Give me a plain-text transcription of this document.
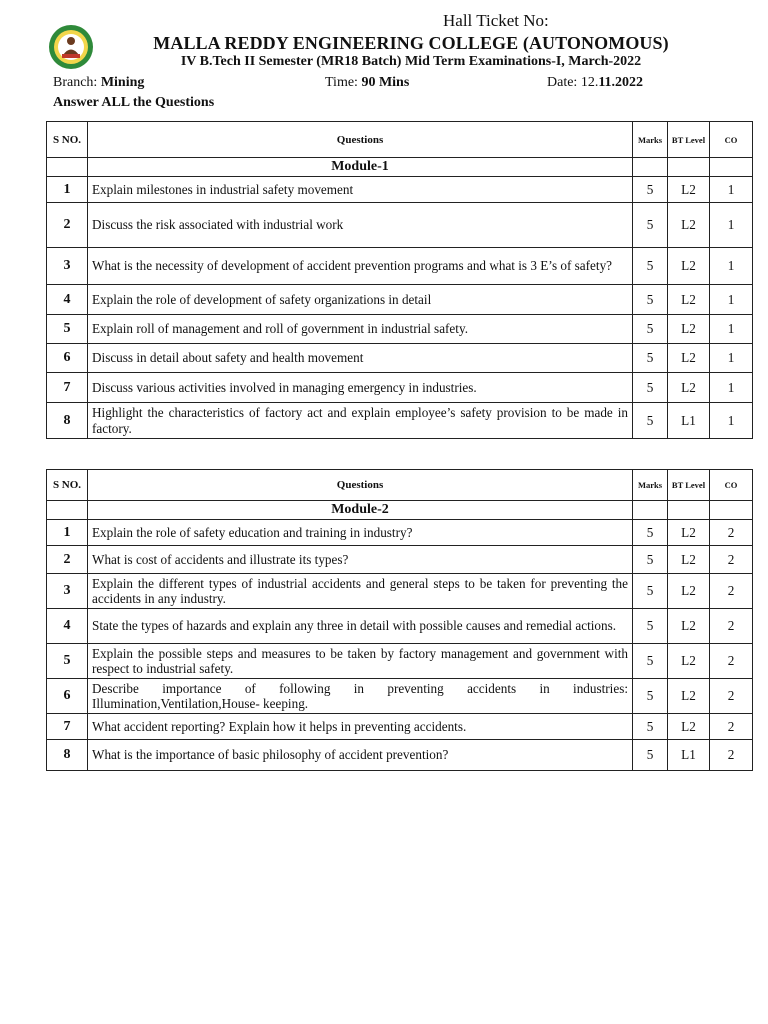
Hall Ticket No:
MALLA REDDY ENGINEERING COLLEGE (AUTONOMOUS)
IV B.Tech II Semester (MR18 Batch) Mid Term Examinations-I, March-2022
Branch: Mining	Time: 90 Mins	Date: 12.11.2022
Answer ALL the Questions
S NO.	Questions	Marks	BT Level	CO
	Module-1			
1	Explain milestones in industrial safety movement	5	L2	1
2	Discuss the risk associated with industrial work	5	L2	1
3	What is the necessity of development of accident prevention programs and what is 3 E’s of safety?	5	L2	1
4	Explain the role of development of safety organizations in detail	5	L2	1
5	Explain roll of management and roll of government in industrial safety.	5	L2	1
6	Discuss in detail about safety and health movement	5	L2	1
7	Discuss various activities involved in managing emergency in industries.	5	L2	1
8	Highlight the characteristics of factory act and explain employee’s safety provision to be made in factory.	5	L1	1
S NO.	Questions	Marks	BT Level	CO
	Module-2			
1	Explain the role of safety education and training in industry?	5	L2	2
2	What is cost of accidents and illustrate its types?	5	L2	2
3	Explain the different types of industrial accidents and general steps to be taken for preventing the accidents in any industry.	5	L2	2
4	State the types of hazards and explain any three in detail with possible causes and remedial actions.	5	L2	2
5	Explain the possible steps and measures to be taken by factory management and government with respect to industrial safety.	5	L2	2
6	Describe importance of following in preventing accidents in industries: Illumination,Ventilation,House- keeping.	5	L2	2
7	What accident reporting? Explain how it helps in preventing accidents.	5	L2	2
8	What is the importance of basic philosophy of accident prevention?	5	L1	2
